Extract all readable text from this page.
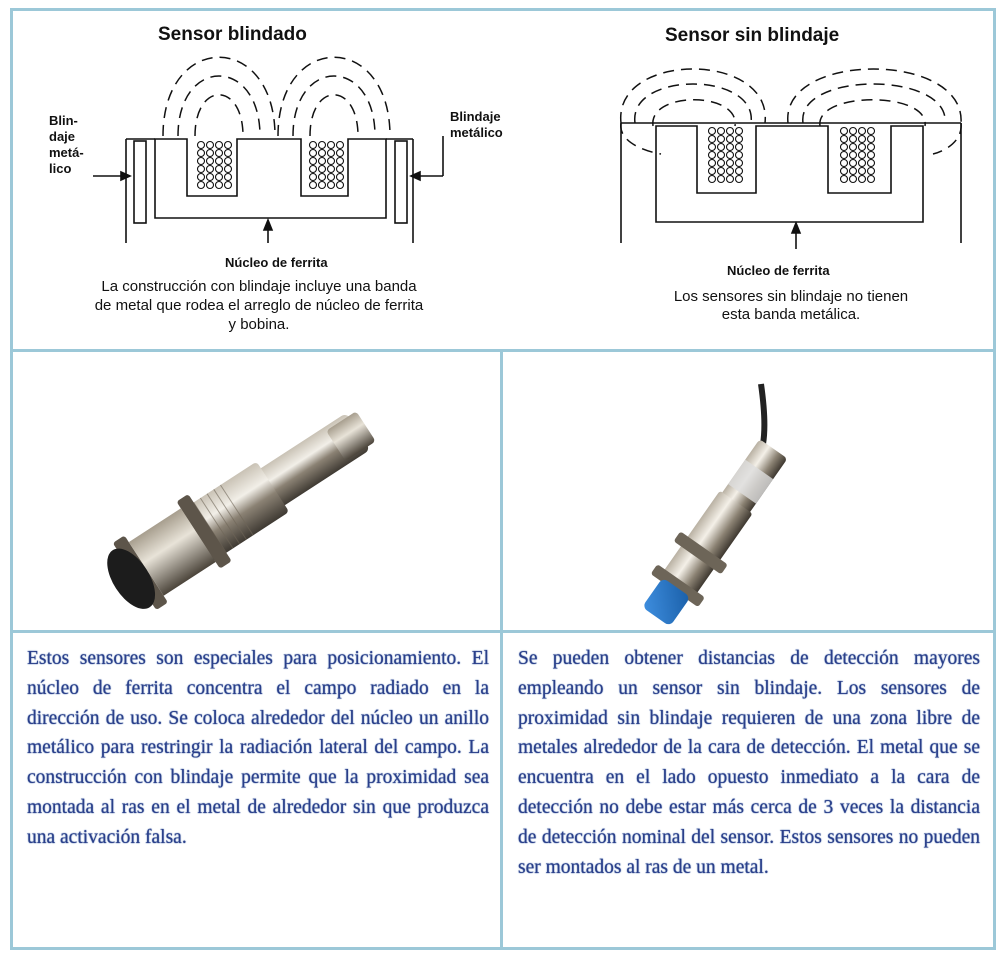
Sensor blindado
Blin-
daje
metá-
lico
Blindaje
metálico
Núcleo de ferrita
La construcción con blindaje incluye una banda
de metal que rodea el arreglo de núcleo de ferrita
y bobina.
Sensor sin blindaje
Núcleo de ferrita
Los sensores sin blindaje no tienen
esta banda metálica.
Estos sensores son especiales para posicionamiento. El núcleo de ferrita concentra el campo radiado en la dirección de uso. Se coloca alrededor del núcleo un anillo metálico para restringir la radiación lateral del campo. La construcción con blindaje permite que la proximidad sea montada al ras en el metal de alrededor sin que produzca una activación falsa.
Se pueden obtener distancias de detección mayores empleando un sensor sin blindaje. Los sensores de proximidad sin blindaje requieren de una zona libre de metales alrededor de la cara de detección. El metal que se encuentra en el lado opuesto inmediato a la cara de detección no debe estar más cerca de 3 veces la distancia de detección nominal del sensor. Estos sensores no pueden ser montados al ras de un metal.
